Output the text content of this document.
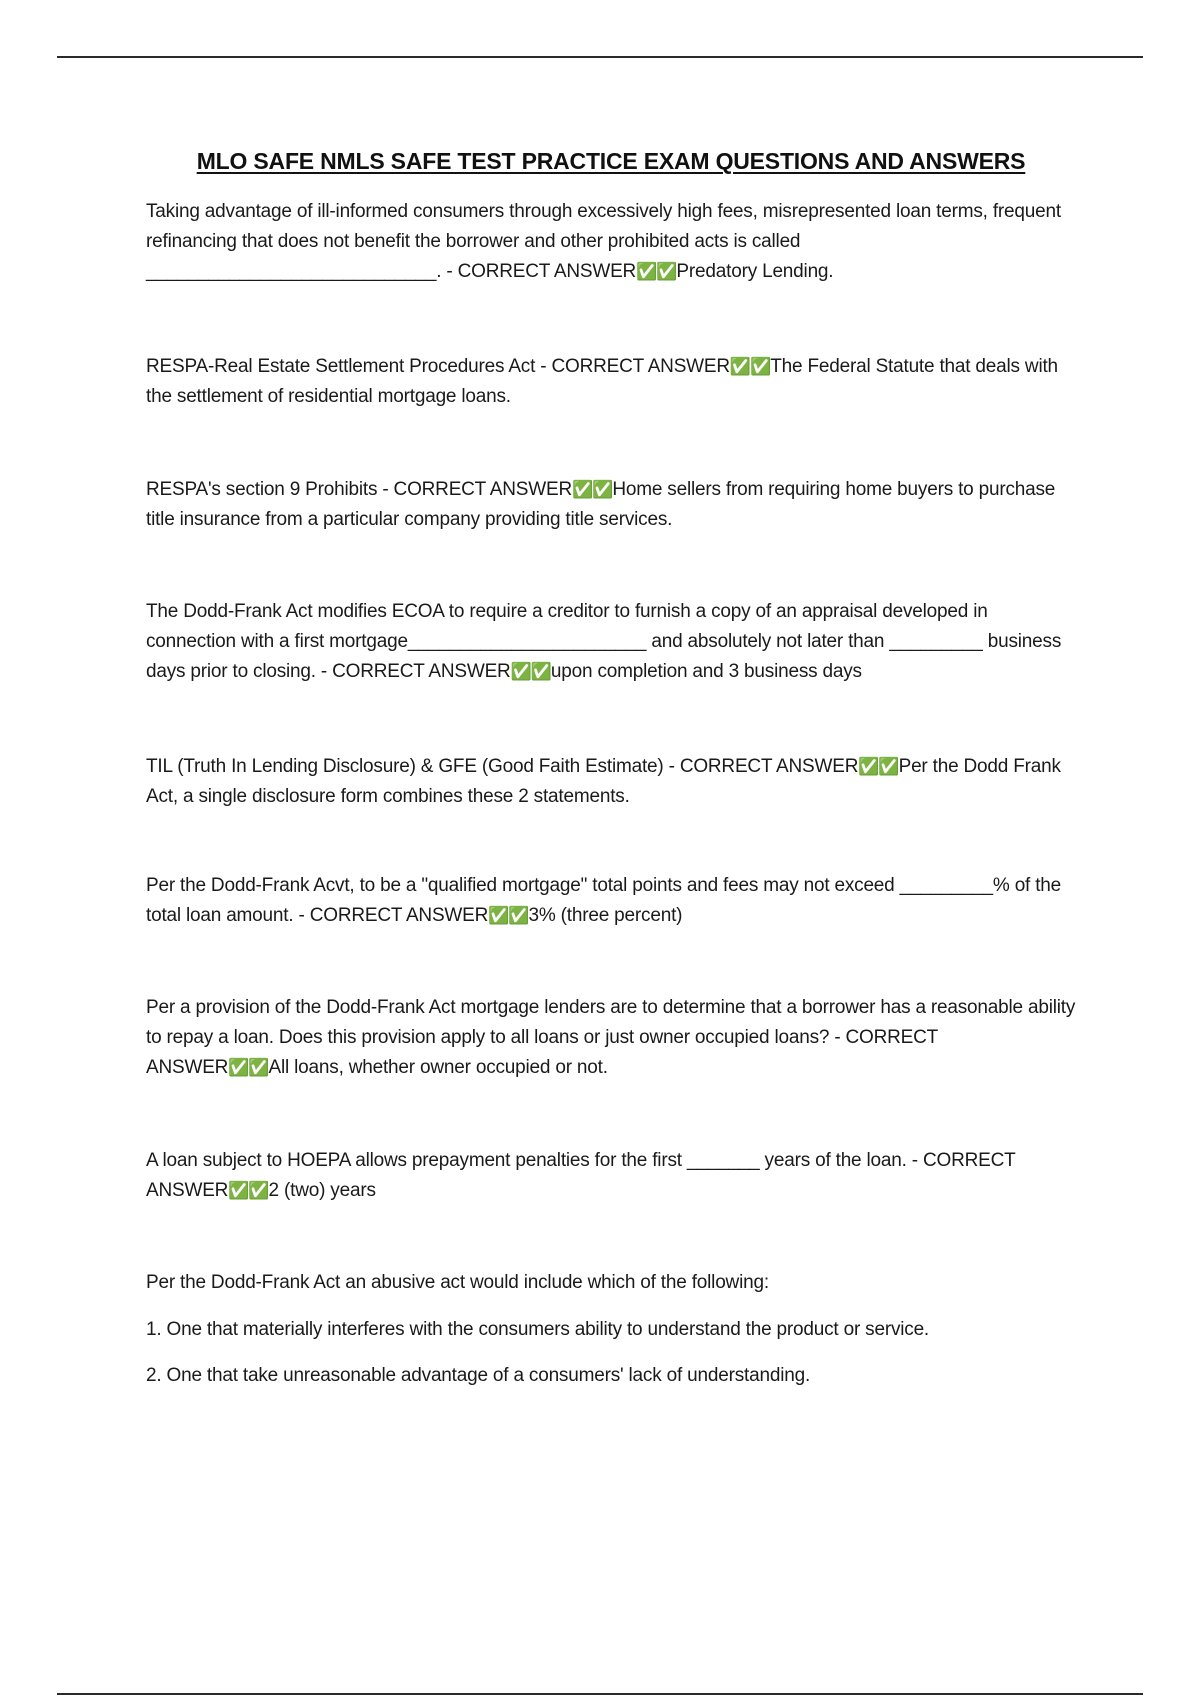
MLO SAFE NMLS SAFE TEST PRACTICE EXAM QUESTIONS AND ANSWERS

Taking advantage of ill-informed consumers through excessively high fees, misrepresented loan terms, frequent refinancing that does not benefit the borrower and other prohibited acts is called ____________________________. - CORRECT ANSWER✅✅Predatory Lending.

RESPA-Real Estate Settlement Procedures Act - CORRECT ANSWER✅✅The Federal Statute that deals with the settlement of residential mortgage loans.

RESPA's section 9 Prohibits - CORRECT ANSWER✅✅Home sellers from requiring home buyers to purchase title insurance from a particular company providing title services.

The Dodd-Frank Act modifies ECOA to require a creditor to furnish a copy of an appraisal developed in connection with a first mortgage_______________________ and absolutely not later than _________ business days prior to closing. - CORRECT ANSWER✅✅upon completion and 3 business days

TIL (Truth In Lending Disclosure) & GFE (Good Faith Estimate) - CORRECT ANSWER✅✅Per the Dodd Frank Act, a single disclosure form combines these 2 statements.

Per the Dodd-Frank Acvt, to be a "qualified mortgage" total points and fees may not exceed _________% of the total loan amount. - CORRECT ANSWER✅✅3% (three percent)

Per a provision of the Dodd-Frank Act mortgage lenders are to determine that a borrower has a reasonable ability to repay a loan. Does this provision apply to all loans or just owner occupied loans? - CORRECT ANSWER✅✅All loans, whether owner occupied or not.

A loan subject to HOEPA allows prepayment penalties for the first _______ years of the loan. - CORRECT ANSWER✅✅2 (two) years

Per the Dodd-Frank Act an abusive act would include which of the following:
1. One that materially interferes with the consumers ability to understand the product or service.
2. One that take unreasonable advantage of a consumers' lack of understanding.
